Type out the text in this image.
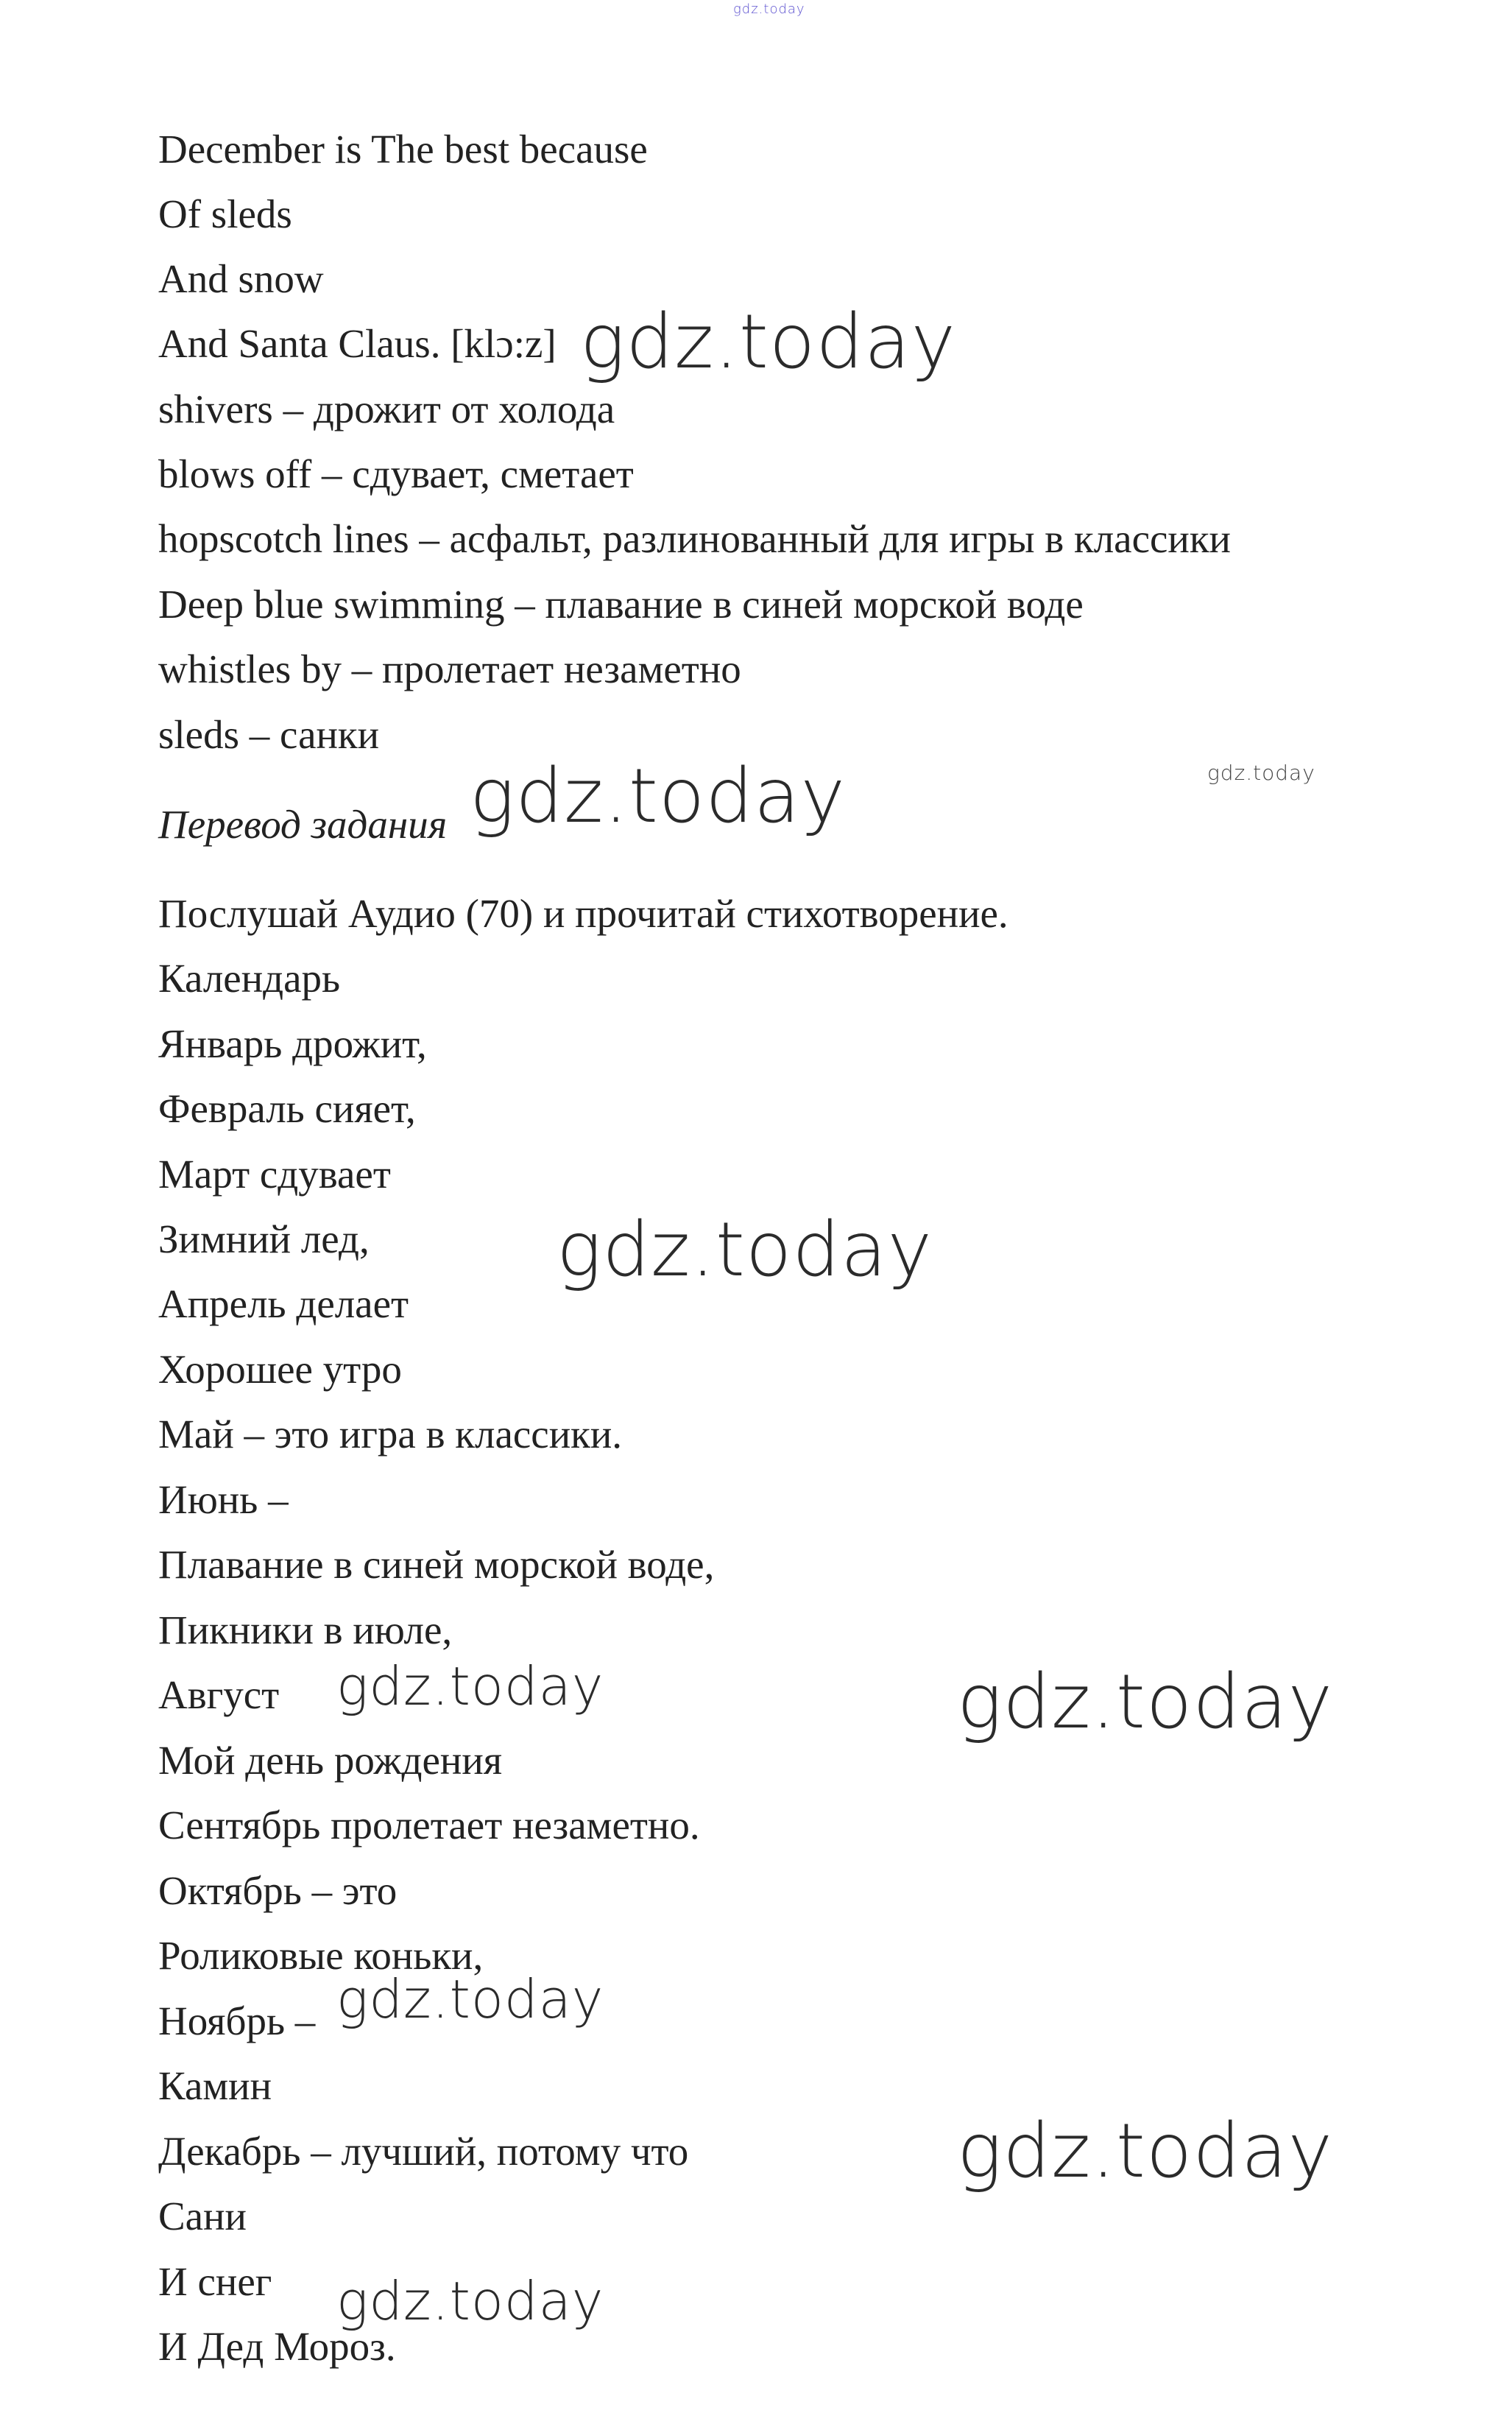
gdz.today
December is The best because
Of sleds
And snow
And Santa Claus. [klɔ:z]
shivers – дрожит от холода
blows off – сдувает, сметает
hopscotch lines – асфальт, разлинованный для игры в классики
Deep blue swimming – плавание в синей морской воде
whistles by – пролетает незаметно
sleds – санки
Перевод задания
Послушай Аудио (70) и прочитай стихотворение.
Календарь
Январь дрожит,
Февраль сияет,
Март сдувает
Зимний лед,
Апрель делает
Хорошее утро
Май – это игра в классики.
Июнь –
Плавание в синей морской воде,
Пикники в июле,
Август
Мой день рождения
Сентябрь пролетает незаметно.
Октябрь – это
Роликовые коньки,
Ноябрь –
Камин
Декабрь – лучший, потому что
Сани
И снег
И Дед Мороз.
gdz.today
gdz.today
gdz.today
gdz.today
gdz.today	gdz.today
gdz.today
gdz.today
gdz.today
